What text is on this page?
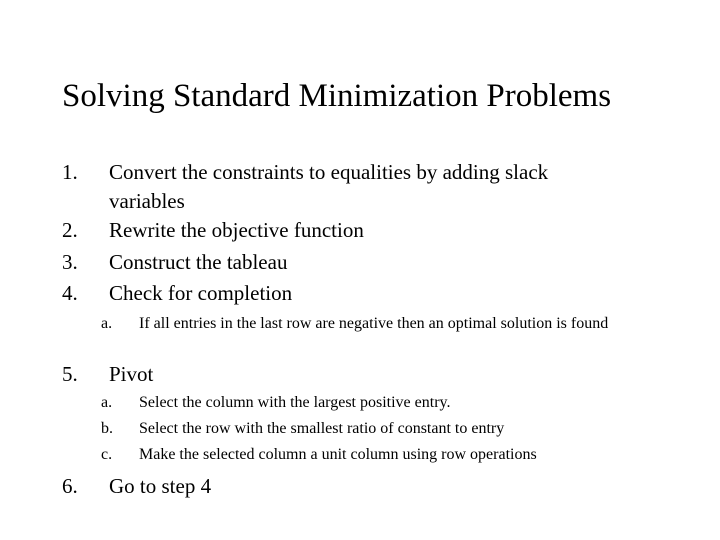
Solving Standard Minimization Problems
1. Convert the constraints to equalities by adding slack variables
2. Rewrite the objective function
3. Construct the tableau
4. Check for completion
a. If all entries in the last row are negative then an optimal solution is found
5. Pivot
a. Select the column with the largest positive entry.
b. Select the row with the smallest ratio of constant to entry
c. Make the selected column a unit column using row operations
6. Go to step 4
